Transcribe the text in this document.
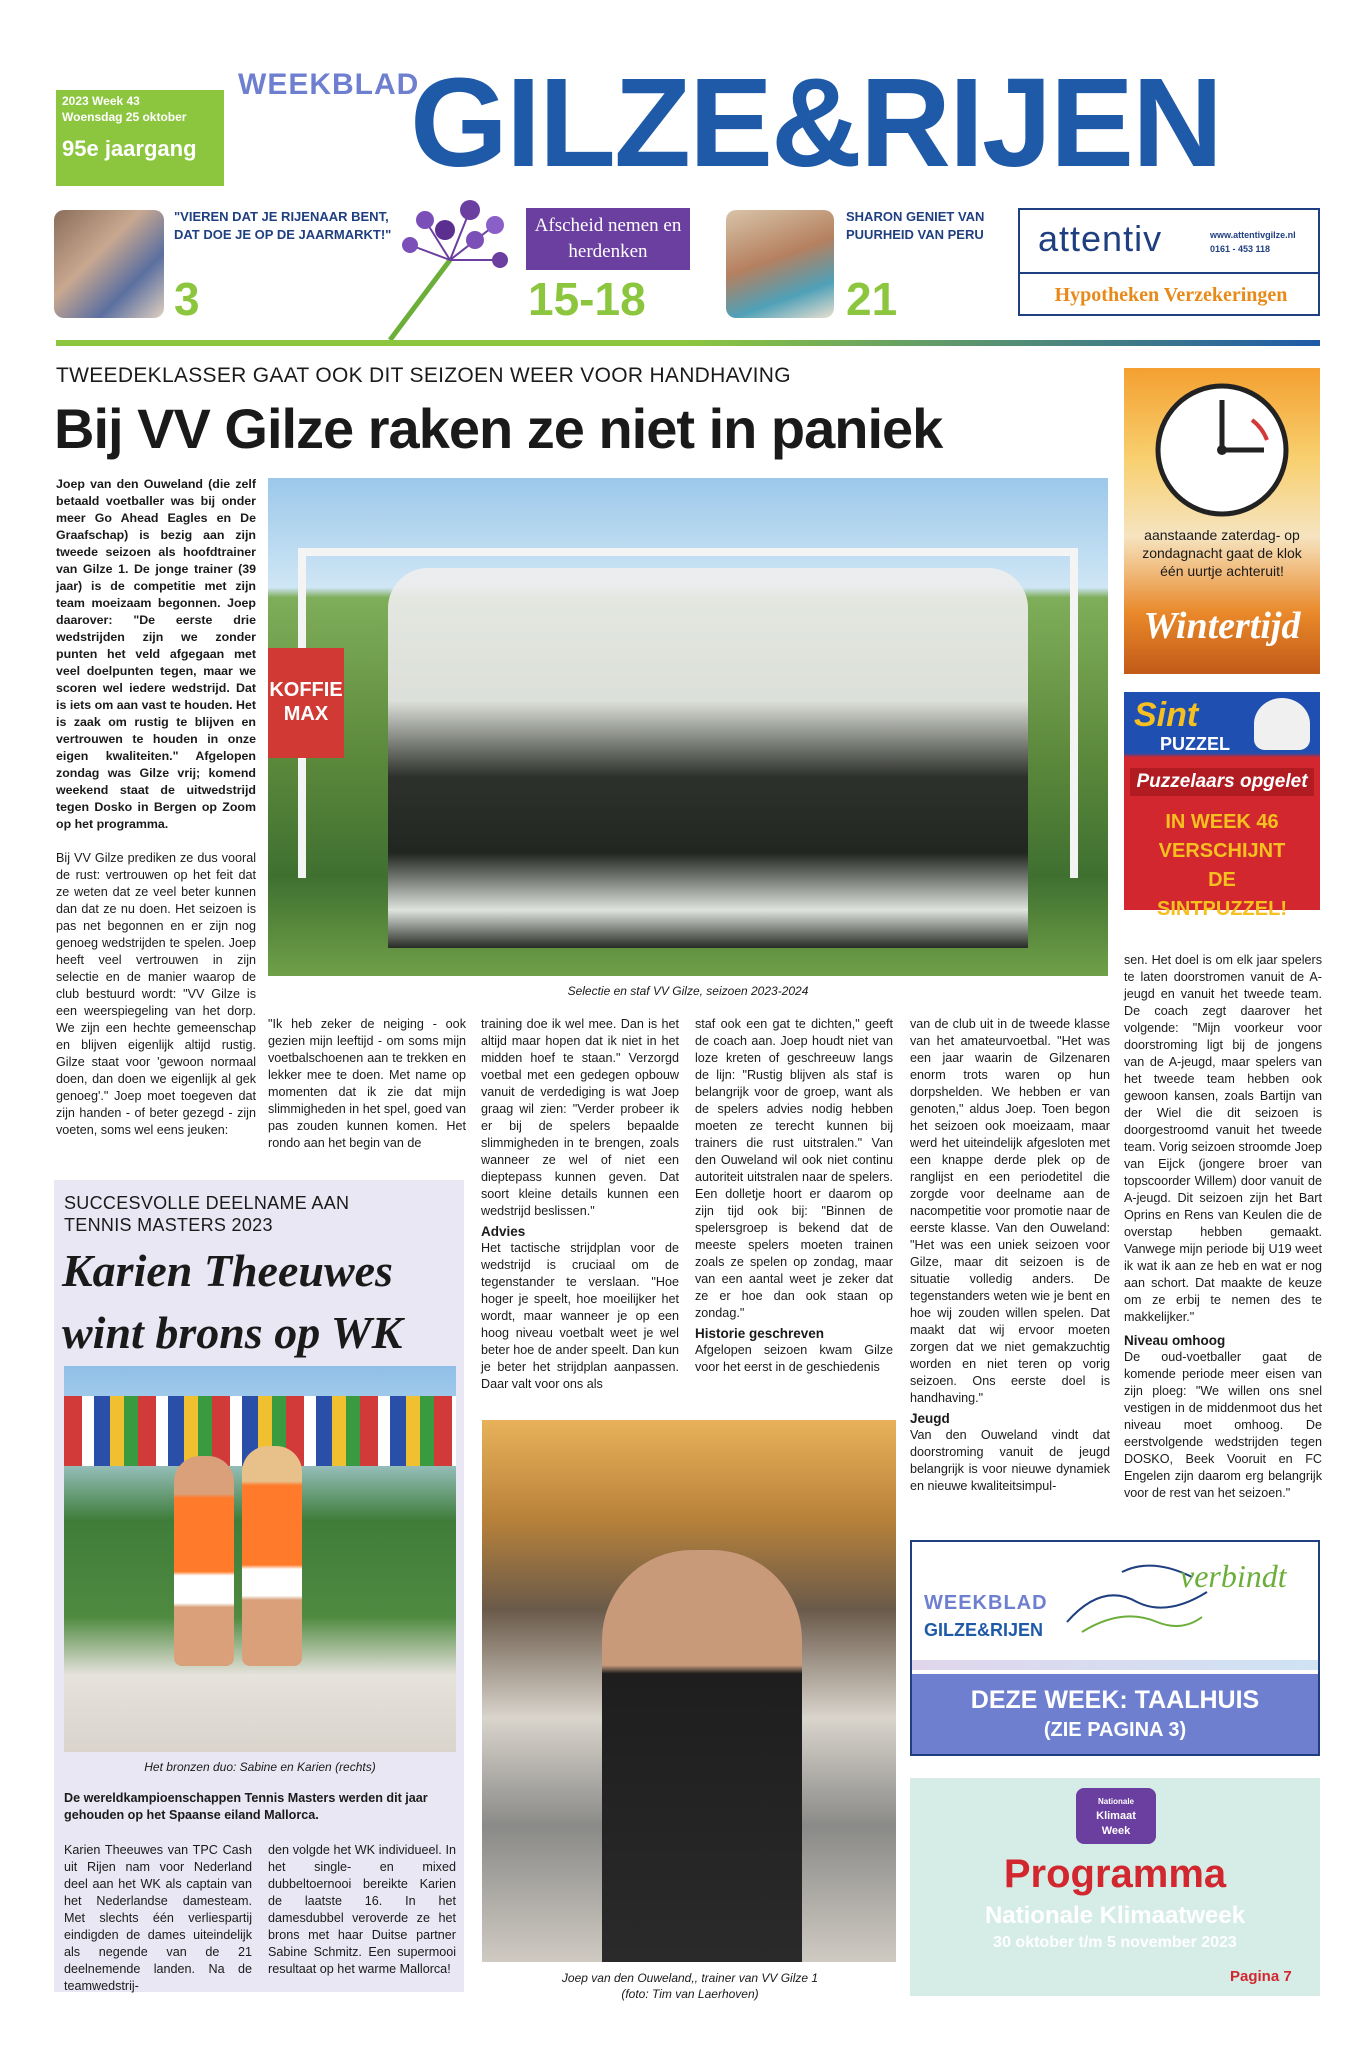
2023 Week 43
Woensdag 25 oktober
95e jaargang
WEEKBLAD
GILZE&RIJEN
"VIEREN DAT JE RIJENAAR BENT, DAT DOE JE OP DE JAARMARKT!"
3
Afscheid nemen en herdenken
15-18
SHARON GENIET VAN PUURHEID VAN PERU
21
attentiv	www.attentivgilze.nl
0161 - 453 118
Hypotheken Verzekeringen
TWEEDEKLASSER GAAT OOK DIT SEIZOEN WEER VOOR HANDHAVING
Bij VV Gilze raken ze niet in paniek
Joep van den Ouweland (die zelf betaald voetballer was bij onder meer Go Ahead Eagles en De Graafschap) is bezig aan zijn tweede seizoen als hoofdtrainer van Gilze 1. De jonge trainer (39 jaar) is de competitie met zijn team moeizaam begonnen. Joep daarover: "De eerste drie wedstrijden zijn we zonder punten het veld afgegaan met veel doelpunten tegen, maar we scoren wel iedere wedstrijd. Dat is iets om aan vast te houden. Het is zaak om rustig te blijven en vertrouwen te houden in onze eigen kwaliteiten." Afgelopen zondag was Gilze vrij; komend weekend staat de uitwedstrijd tegen Dosko in Bergen op Zoom op het programma.
Bij VV Gilze prediken ze dus vooral de rust: vertrouwen op het feit dat ze weten dat ze veel beter kunnen dan dat ze nu doen. Het seizoen is pas net begonnen en er zijn nog genoeg wedstrijden te spelen. Joep heeft veel vertrouwen in zijn selectie en de manier waarop de club bestuurd wordt: "VV Gilze is een weerspiegeling van het dorp. We zijn een hechte gemeenschap en blijven eigenlijk altijd rustig. Gilze staat voor 'gewoon normaal doen, dan doen we eigenlijk al gek genoeg'." Joep moet toegeven dat zijn handen - of beter gezegd - zijn voeten, soms wel eens jeuken:
KOFFIE MAX
Selectie en staf VV Gilze, seizoen 2023-2024
"Ik heb zeker de neiging - ook gezien mijn leeftijd - om soms mijn voetbalschoenen aan te trekken en lekker mee te doen. Met name op momenten dat ik zie dat mijn slimmigheden in het spel, goed van pas zouden kunnen komen. Het rondo aan het begin van de
training doe ik wel mee. Dan is het altijd maar hopen dat ik niet in het midden hoef te staan." Verzorgd voetbal met een gedegen opbouw vanuit de verdediging is wat Joep graag wil zien: "Verder probeer ik er bij de spelers bepaalde slimmigheden in te brengen, zoals wanneer ze wel of niet een dieptepass kunnen geven. Dat soort kleine details kunnen een wedstrijd beslissen."
Advies
Het tactische strijdplan voor de wedstrijd is cruciaal om de tegenstander te verslaan. "Hoe hoger je speelt, hoe moeilijker het wordt, maar wanneer je op een hoog niveau voetbalt weet je wel beter hoe de ander speelt. Dan kun je beter het strijdplan aanpassen. Daar valt voor ons als
staf ook een gat te dichten," geeft de coach aan. Joep houdt niet van loze kreten of geschreeuw langs de lijn: "Rustig blijven als staf is belangrijk voor de groep, want als de spelers advies nodig hebben moeten ze terecht kunnen bij trainers die rust uitstralen." Van den Ouweland wil ook niet continu autoriteit uitstralen naar de spelers. Een dolletje hoort er daarom op zijn tijd ook bij: "Binnen de spelersgroep is bekend dat de meeste spelers moeten trainen zoals ze spelen op zondag, maar van een aantal weet je zeker dat ze er hoe dan ook staan op zondag."
Historie geschreven
Afgelopen seizoen kwam Gilze voor het eerst in de geschiedenis
van de club uit in de tweede klasse van het amateurvoetbal. "Het was een jaar waarin de Gilzenaren enorm trots waren op hun dorpshelden. We hebben er van genoten," aldus Joep. Toen begon het seizoen ook moeizaam, maar werd het uiteindelijk afgesloten met een knappe derde plek op de ranglijst en een periodetitel die zorgde voor deelname aan de nacompetitie voor promotie naar de eerste klasse. Van den Ouweland: "Het was een uniek seizoen voor Gilze, maar dit seizoen is de situatie volledig anders. De tegenstanders weten wie je bent en hoe wij zouden willen spelen. Dat maakt dat wij ervoor moeten zorgen dat we niet gemakzuchtig worden en niet teren op vorig seizoen. Ons eerste doel is handhaving."
Jeugd
Van den Ouweland vindt dat doorstroming vanuit de jeugd belangrijk is voor nieuwe dynamiek en nieuwe kwaliteitsimpul-
sen. Het doel is om elk jaar spelers te laten doorstromen vanuit de A-jeugd en vanuit het tweede team. De coach zegt daarover het volgende: "Mijn voorkeur voor doorstroming ligt bij de jongens van de A-jeugd, maar spelers van het tweede team hebben ook gewoon kansen, zoals Bartijn van der Wiel die dit seizoen is doorgestroomd vanuit het tweede team. Vorig seizoen stroomde Joep van Eijck (jongere broer van topscoorder Willem) door vanuit de A-jeugd. Dit seizoen zijn het Bart Oprins en Rens van Keulen die de overstap hebben gemaakt. Vanwege mijn periode bij U19 weet ik wat ik aan ze heb en wat er nog aan schort. Dat maakte de keuze om ze erbij te nemen des te makkelijker."
Niveau omhoog
De oud-voetballer gaat de komende periode meer eisen van zijn ploeg: "We willen ons snel vestigen in de middenmoot dus het niveau moet omhoog. De eerstvolgende wedstrijden tegen DOSKO, Beek Vooruit en FC Engelen zijn daarom erg belangrijk voor de rest van het seizoen."
Joep van den Ouweland,, trainer van VV Gilze 1 (foto: Tim van Laerhoven)
SUCCESVOLLE DEELNAME AAN TENNIS MASTERS 2023
Karien Theeuwes wint brons op WK
Het bronzen duo: Sabine en Karien (rechts)
De wereldkampioenschappen Tennis Masters werden dit jaar gehouden op het Spaanse eiland Mallorca.
Karien Theeuwes van TPC Cash uit Rijen nam voor Nederland deel aan het WK als captain van het Nederlandse damesteam. Met slechts één verliespartij eindigden de dames uiteindelijk als negende van de 21 deelnemende landen. Na de teamwedstrij-
den volgde het WK individueel. In het single- en mixed dubbeltoernooi bereikte Karien de laatste 16. In het damesdubbel veroverde ze het brons met haar Duitse partner Sabine Schmitz. Een supermooi resultaat op het warme Mallorca!
aanstaande zaterdag- op zondagnacht gaat de klok één uurtje achteruit!
Wintertijd
Sint
PUZZEL
Puzzelaars opgelet
IN WEEK 46 VERSCHIJNT DE SINTPUZZEL!
WEEKBLAD
GILZE&RIJEN
verbindt
DEZE WEEK: TAALHUIS
(ZIE PAGINA 3)
Nationale
Klimaat
Week
Programma
Nationale Klimaatweek
30 oktober t/m 5 november 2023
Pagina 7
